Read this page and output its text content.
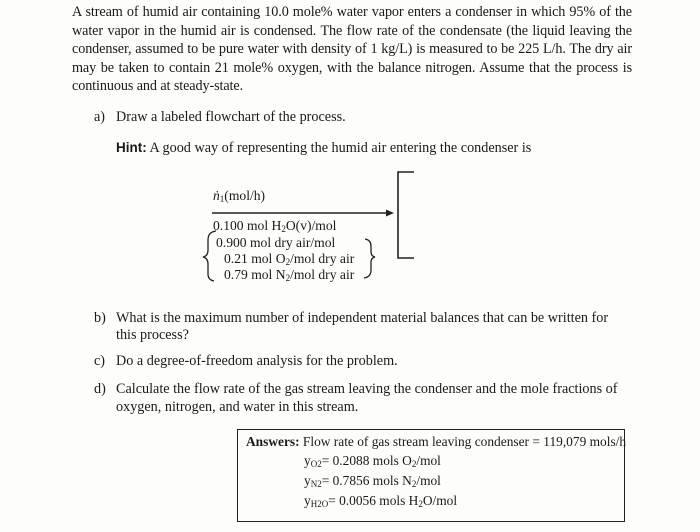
A stream of humid air containing 10.0 mole% water vapor enters a condenser in which 95% of the water vapor in the humid air is condensed. The flow rate of the condensate (the liquid leaving the condenser, assumed to be pure water with density of 1 kg/L) is measured to be 225 L/h. The dry air may be taken to contain 21 mole% oxygen, with the balance nitrogen. Assume that the process is continuous and at steady-state.

a) Draw a labeled flowchart of the process.
Hint: A good way of representing the humid air entering the condenser is
ṅ$_1$(mol/h)
0.100 mol $H_2O(v)$/mol
0.900 mol dry air/mol
0.21 mol $O_2$/mol dry air
0.79 mol $N_2$/mol dry air
b) What is the maximum number of independent material balances that can be written for
this process?
c) Do a degree-of-freedom analysis for the problem.
d) Calculate the flow rate of the gas stream leaving the condenser and the mole fractions of
oxygen, nitrogen, and water in this stream.
Answers: Flow rate of gas stream leaving condenser = 119,079 mols/h
yO2= 0.2088 mols $O_2$/mol
yN2= 0.7856 mols $N_2$/mol
yH2O= 0.0056 mols $H_2O$/mol
